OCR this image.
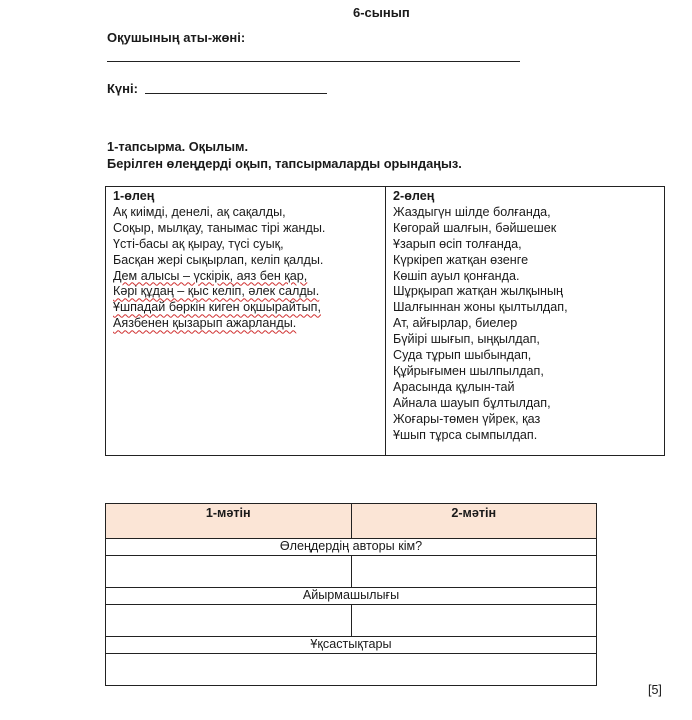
6-сынып
Оқушының аты-жөні:
Күні:
1-тапсырма. Оқылым.
Берілген өлеңдерді оқып, тапсырмаларды орындаңыз.
1-өлең
Ақ киімді, денелі, ақ сақалды,
Соқыр, мылқау, танымас тірі жанды.
Үсті-басы ақ қырау, түсі суық,
Басқан жері сықырлап, келіп қалды.
Дем алысы – үскірік, аяз бен қар,
Кәрі құдаң – қыс келіп, әлек салды.
Ұшпадай бөркін киген оқшырайтып,
Аязбенен қызарып ажарланды.
2-өлең
Жаздыгүн шілде болғанда,
Көгорай шалғын, бәйшешек
Ұзарып өсіп толғанда,
Күркіреп жатқан өзенге
Көшіп ауыл қонғанда.
Шұрқырап жатқан жылқының
Шалғыннан жоны қылтылдап,
Ат, айғырлар, биелер
Бүйірі шығып, ыңқылдап,
Суда тұрып шыбындап,
Құйрығымен шылпылдап,
Арасында құлын-тай
Айнала шауып бұлтылдап,
Жоғары-төмен үйрек, қаз
Ұшып тұрса сымпылдап.
1-мәтін	2-мәтін
Өлеңдердің авторы кім?	

Айырмашылығы	

Ұқсастықтары	

[5]
